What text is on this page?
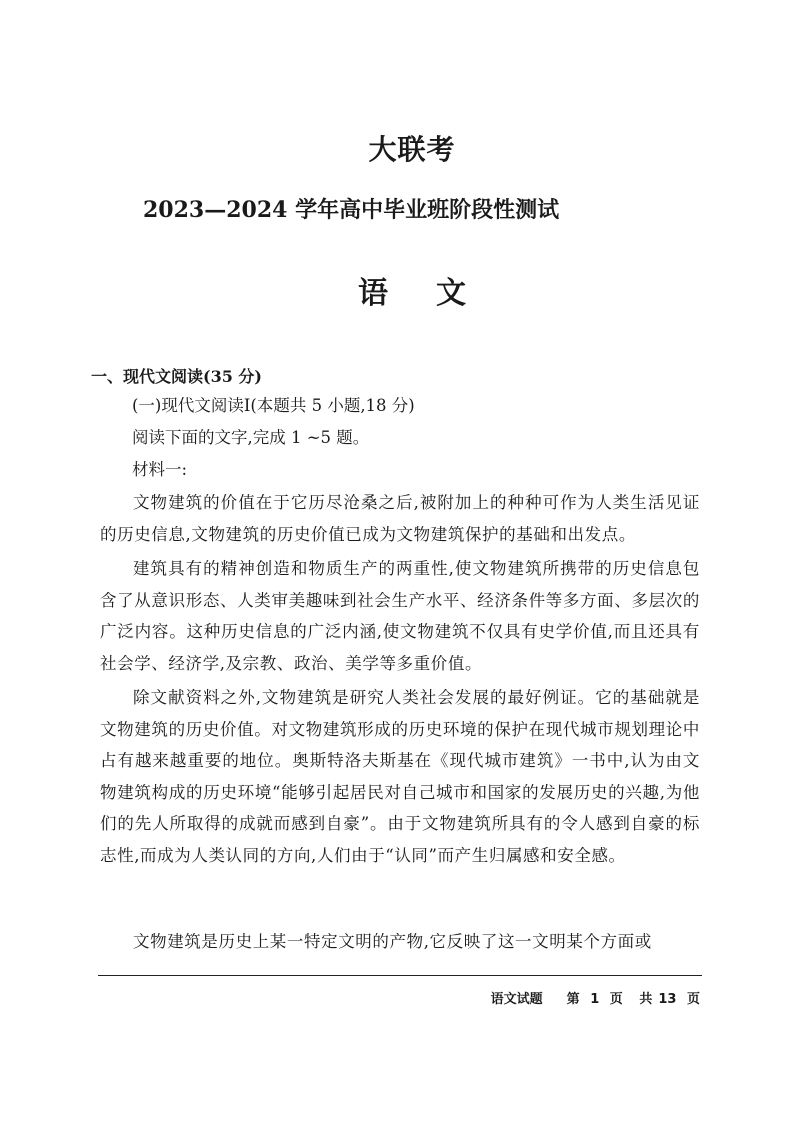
大联考
2023—2024 学年高中毕业班阶段性测试
语 文
一、现代文阅读(35 分)
(一)现代文阅读Ⅰ(本题共 5 小题,18 分)
阅读下面的文字,完成 1 ~5 题。
材料一:
文物建筑的价值在于它历尽沧桑之后,被附加上的种种可作为人类生活见证的历史信息,文物建筑的历史价值已成为文物建筑保护的基础和出发点。
建筑具有的精神创造和物质生产的两重性,使文物建筑所携带的历史信息包含了从意识形态、人类审美趣味到社会生产水平、经济条件等多方面、多层次的广泛内容。这种历史信息的广泛内涵,使文物建筑不仅具有史学价值,而且还具有社会学、经济学,及宗教、政治、美学等多重价值。
除文献资料之外,文物建筑是研究人类社会发展的最好例证。它的基础就是文物建筑的历史价值。对文物建筑形成的历史环境的保护在现代城市规划理论中占有越来越重要的地位。奥斯特洛夫斯基在《现代城市建筑》一书中,认为由文物建筑构成的历史环境“能够引起居民对自己城市和国家的发展历史的兴趣,为他们的先人所取得的成就而感到自豪”。由于文物建筑所具有的令人感到自豪的标志性,而成为人类认同的方向,人们由于“认同”而产生归属感和安全感。
文物建筑是历史上某一特定文明的产物,它反映了这一文明某个方面或
语文试题 第 1 页 共 13 页
